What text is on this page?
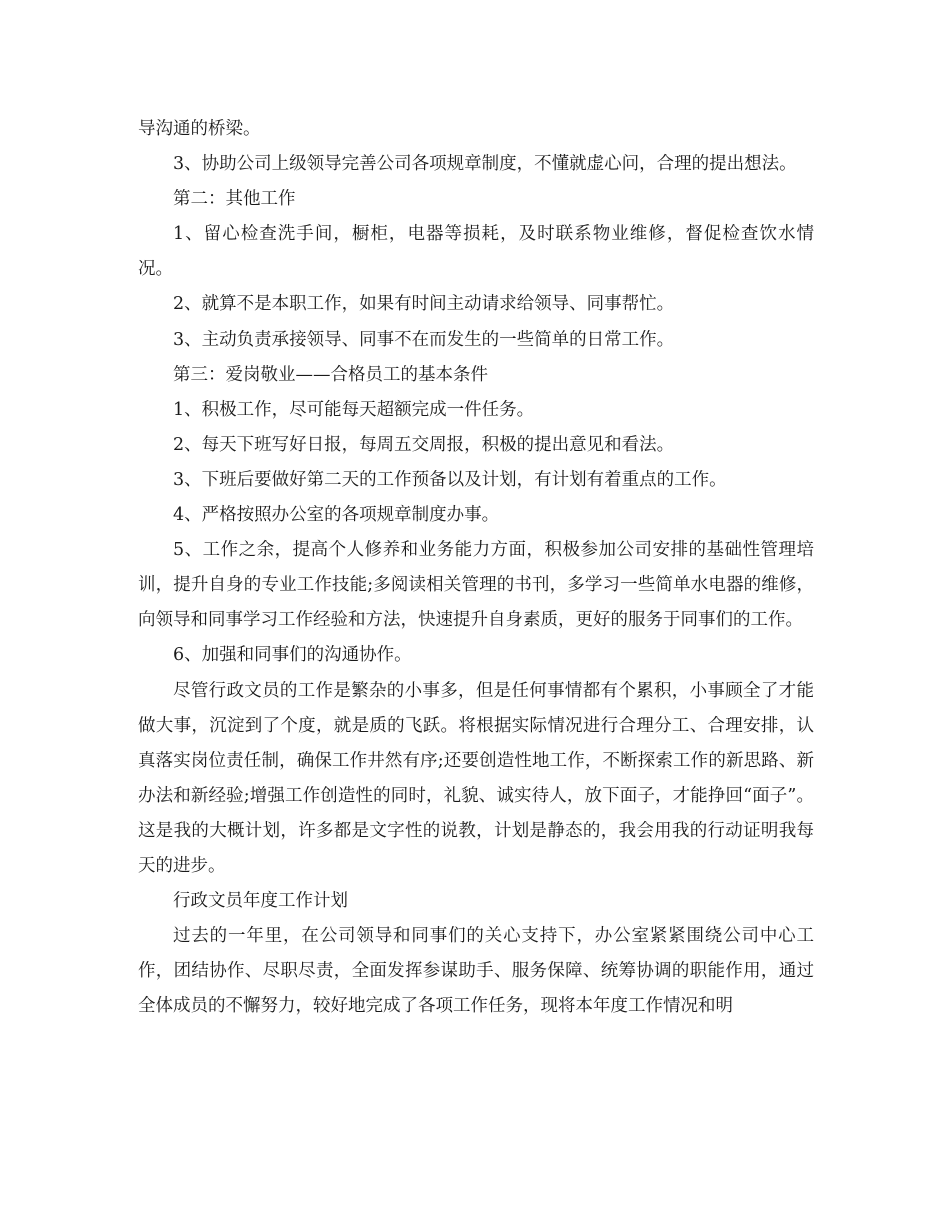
导沟通的桥梁。

3、协助公司上级领导完善公司各项规章制度，不懂就虚心问，合理的提出想法。

第二：其他工作

1、留心检查洗手间，橱柜，电器等损耗，及时联系物业维修，督促检查饮水情况。

2、就算不是本职工作，如果有时间主动请求给领导、同事帮忙。

3、主动负责承接领导、同事不在而发生的一些简单的日常工作。

第三：爱岗敬业——合格员工的基本条件

1、积极工作，尽可能每天超额完成一件任务。

2、每天下班写好日报，每周五交周报，积极的提出意见和看法。

3、下班后要做好第二天的工作预备以及计划，有计划有着重点的工作。

4、严格按照办公室的各项规章制度办事。

5、工作之余，提高个人修养和业务能力方面，积极参加公司安排的基础性管理培训，提升自身的专业工作技能;多阅读相关管理的书刊，多学习一些简单水电器的维修，向领导和同事学习工作经验和方法，快速提升自身素质，更好的服务于同事们的工作。

6、加强和同事们的沟通协作。

尽管行政文员的工作是繁杂的小事多，但是任何事情都有个累积，小事顾全了才能做大事，沉淀到了个度，就是质的飞跃。将根据实际情况进行合理分工、合理安排，认真落实岗位责任制，确保工作井然有序;还要创造性地工作，不断探索工作的新思路、新办法和新经验;增强工作创造性的同时，礼貌、诚实待人，放下面子，才能挣回“面子”。这是我的大概计划，许多都是文字性的说教，计划是静态的，我会用我的行动证明我每天的进步。

行政文员年度工作计划

过去的一年里，在公司领导和同事们的关心支持下，办公室紧紧围绕公司中心工作，团结协作、尽职尽责，全面发挥参谋助手、服务保障、统筹协调的职能作用，通过全体成员的不懈努力，较好地完成了各项工作任务，现将本年度工作情况和明
